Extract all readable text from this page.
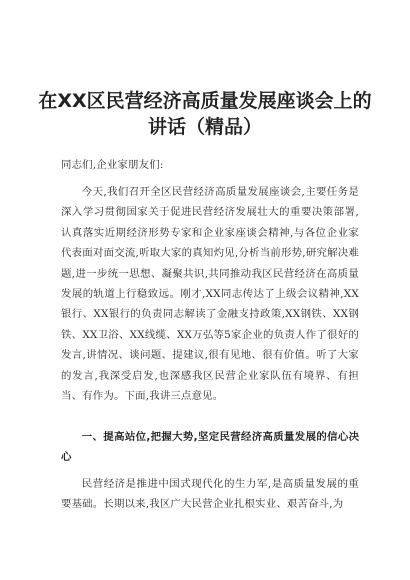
在XX区民营经济高质量发展座谈会上的讲话（精品）

同志们,企业家朋友们:

今天,我们召开全区民营经济高质量发展座谈会,主要任务是深入学习贯彻国家关于促进民营经济发展壮大的重要决策部署,认真落实近期经济形势专家和企业家座谈会精神,与各位企业家代表面对面交流,听取大家的真知灼见,分析当前形势,研究解决难题,进一步统一思想、凝聚共识,共同推动我区民营经济在高质量发展的轨道上行稳致远。刚才,XX同志传达了上级会议精神,XX银行、XX银行的负责同志解读了金融支持政策,XX钢铁、XX钢铁、XX卫浴、XX线缆、XX万弘等5家企业的负责人作了很好的发言,讲情况、谈问题、提建议,很有见地、很有价值。听了大家的发言,我深受启发,也深感我区民营企业家队伍有境界、有担当、有作为。下面,我讲三点意见。

一、提高站位,把握大势,坚定民营经济高质量发展的信心决心

民营经济是推进中国式现代化的生力军,是高质量发展的重要基础。长期以来,我区广大民营企业扎根实业、艰苦奋斗,为
